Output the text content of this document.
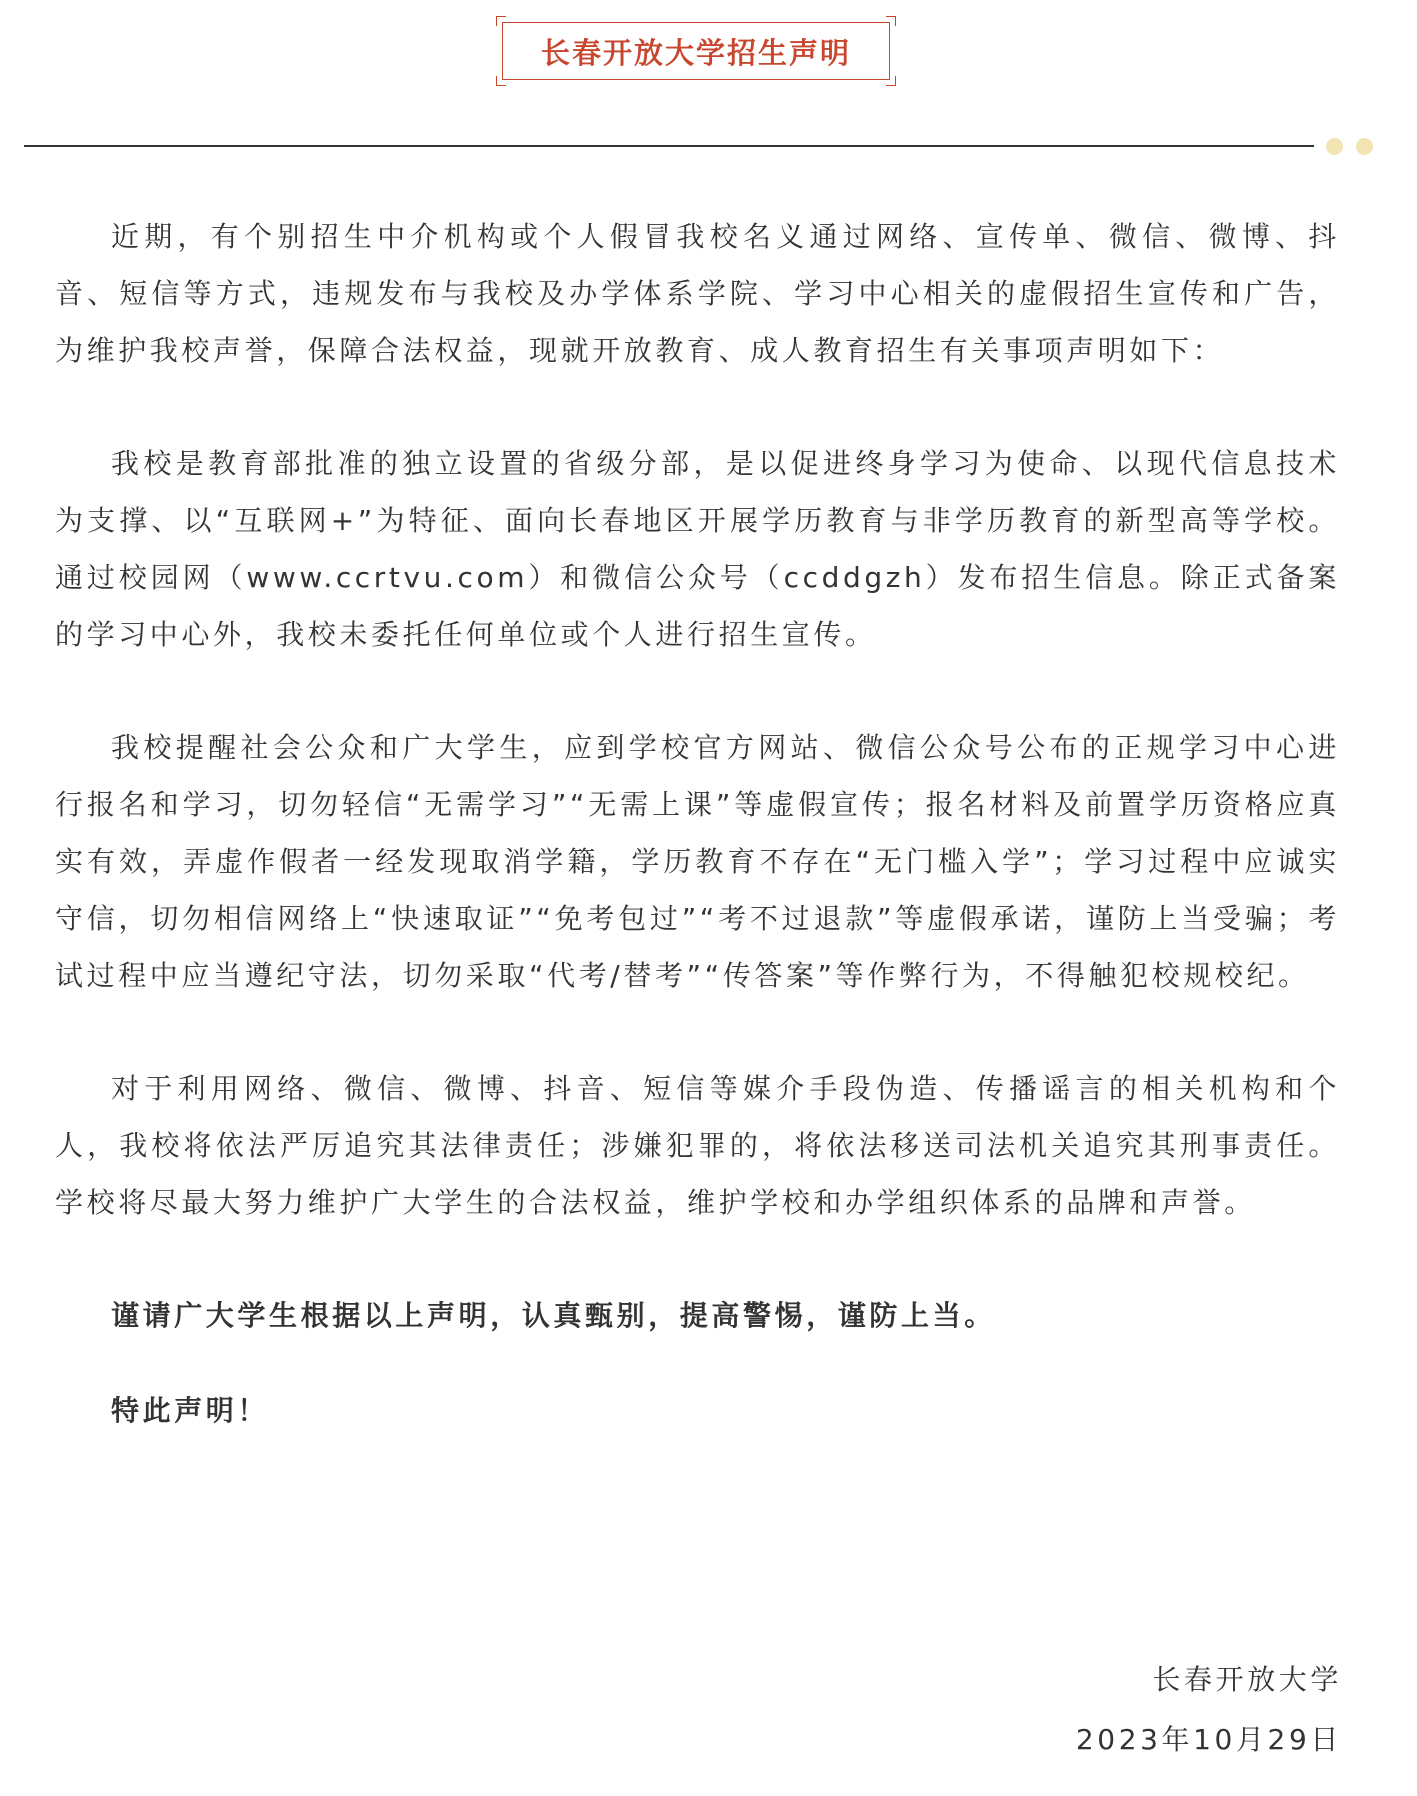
长春开放大学招生声明

近期，有个别招生中介机构或个人假冒我校名义通过网络、宣传单、微信、微博、抖音、短信等方式，违规发布与我校及办学体系学院、学习中心相关的虚假招生宣传和广告，为维护我校声誉，保障合法权益，现就开放教育、成人教育招生有关事项声明如下：

我校是教育部批准的独立设置的省级分部，是以促进终身学习为使命、以现代信息技术为支撑、以“互联网+”为特征、面向长春地区开展学历教育与非学历教育的新型高等学校。通过校园网（www.ccrtvu.com）和微信公众号（ccddgzh）发布招生信息。除正式备案的学习中心外，我校未委托任何单位或个人进行招生宣传。

我校提醒社会公众和广大学生，应到学校官方网站、微信公众号公布的正规学习中心进行报名和学习，切勿轻信“无需学习”“无需上课”等虚假宣传；报名材料及前置学历资格应真实有效，弄虚作假者一经发现取消学籍，学历教育不存在“无门槛入学”；学习过程中应诚实守信，切勿相信网络上“快速取证”“免考包过”“考不过退款”等虚假承诺，谨防上当受骗；考试过程中应当遵纪守法，切勿采取“代考/替考”“传答案”等作弊行为，不得触犯校规校纪。

对于利用网络、微信、微博、抖音、短信等媒介手段伪造、传播谣言的相关机构和个人，我校将依法严厉追究其法律责任；涉嫌犯罪的，将依法移送司法机关追究其刑事责任。学校将尽最大努力维护广大学生的合法权益，维护学校和办学组织体系的品牌和声誉。

谨请广大学生根据以上声明，认真甄别，提高警惕，谨防上当。

特此声明！

长春开放大学
2023年10月29日
